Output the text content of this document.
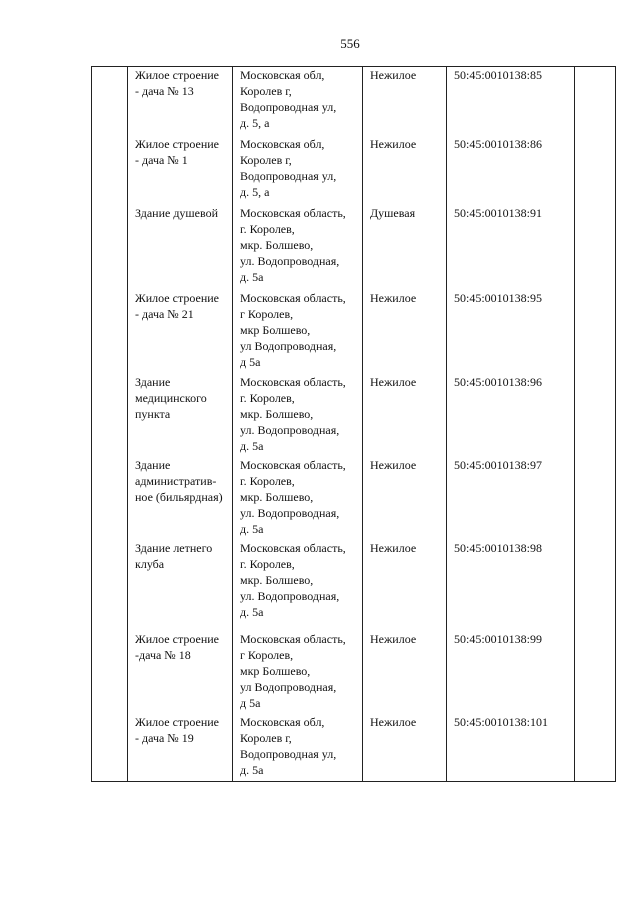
556
	Жилое строение
- дача № 13	Московская обл,
Королев г,
Водопроводная ул,
д. 5, а	Нежилое	50:45:0010138:85	
	Жилое строение
- дача № 1	Московская обл,
Королев г,
Водопроводная ул,
д. 5, а	Нежилое	50:45:0010138:86	
	Здание душевой	Московская область,
г. Королев,
мкр. Болшево,
ул. Водопроводная,
д. 5а	Душевая	50:45:0010138:91	
	Жилое строение
- дача № 21	Московская область,
г Королев,
мкр Болшево,
ул Водопроводная,
д 5а	Нежилое	50:45:0010138:95	
	Здание
медицинского
пункта	Московская область,
г. Королев,
мкр. Болшево,
ул. Водопроводная,
д. 5а	Нежилое	50:45:0010138:96	
	Здание
административ-
ное (бильярдная)	Московская область,
г. Королев,
мкр. Болшево,
ул. Водопроводная,
д. 5а	Нежилое	50:45:0010138:97	
	Здание летнего
клуба	Московская область,
г. Королев,
мкр. Болшево,
ул. Водопроводная,
д. 5а	Нежилое	50:45:0010138:98	
	Жилое строение
-дача № 18	Московская область,
г Королев,
мкр Болшево,
ул Водопроводная,
д 5а	Нежилое	50:45:0010138:99	
	Жилое строение
- дача № 19	Московская обл,
Королев г,
Водопроводная ул,
д. 5а	Нежилое	50:45:0010138:101	
